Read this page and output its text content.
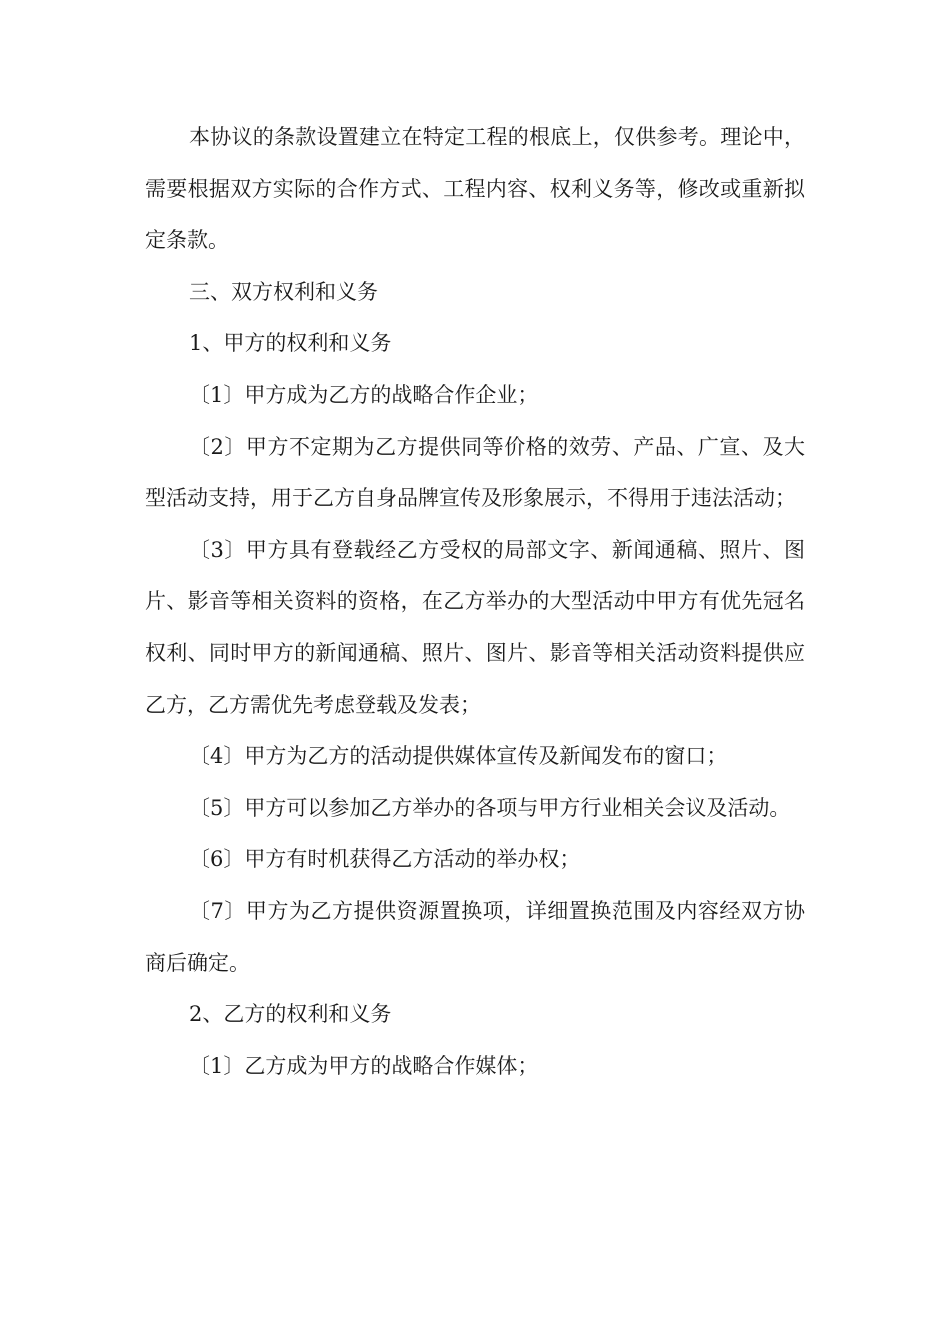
本协议的条款设置建立在特定工程的根底上，仅供参考。理论中，需要根据双方实际的合作方式、工程内容、权利义务等，修改或重新拟定条款。

三、双方权利和义务

1、甲方的权利和义务

〔1〕甲方成为乙方的战略合作企业；

〔2〕甲方不定期为乙方提供同等价格的效劳、产品、广宣、及大型活动支持，用于乙方自身品牌宣传及形象展示，不得用于违法活动；

〔3〕甲方具有登载经乙方受权的局部文字、新闻通稿、照片、图片、影音等相关资料的资格，在乙方举办的大型活动中甲方有优先冠名权利、同时甲方的新闻通稿、照片、图片、影音等相关活动资料提供应乙方，乙方需优先考虑登载及发表；

〔4〕甲方为乙方的活动提供媒体宣传及新闻发布的窗口；

〔5〕甲方可以参加乙方举办的各项与甲方行业相关会议及活动。

〔6〕甲方有时机获得乙方活动的举办权；

〔7〕甲方为乙方提供资源置换项，详细置换范围及内容经双方协商后确定。

2、乙方的权利和义务

〔1〕乙方成为甲方的战略合作媒体；
